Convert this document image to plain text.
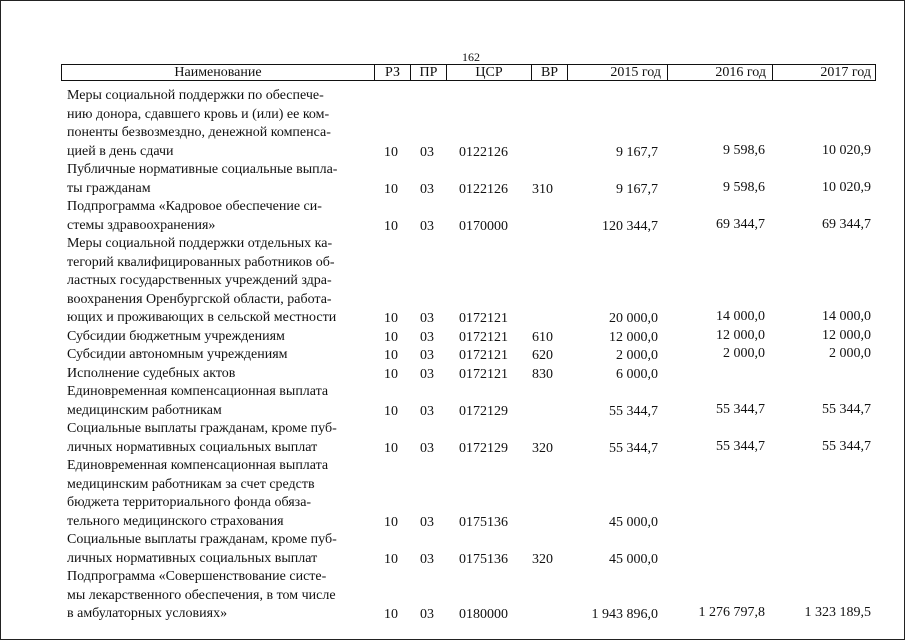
162
Наименование	РЗ	ПР	ЦСР	ВР	2015 год	2016 год	2017 год
Меры социальной поддержки по обеспече-
нию донора, сдавшего кровь и (или) ее ком-
поненты безвозмездно, денежной компенса-
цией в день сдачи	10 03 0122126	9 167,7	9 598,6	10 020,9
Публичные нормативные социальные выпла-
ты гражданам	10 03 0122126 310	9 167,7	9 598,6	10 020,9
Подпрограмма «Кадровое обеспечение си-
стемы здравоохранения»	10 03 0170000	120 344,7	69 344,7	69 344,7
Меры социальной поддержки отдельных ка-
тегорий квалифицированных работников об-
ластных государственных учреждений здра-
воохранения Оренбургской области, работа-
ющих и проживающих в сельской местности	10 03 0172121	20 000,0	14 000,0	14 000,0
Субсидии бюджетным учреждениям	10 03 0172121 610	12 000,0	12 000,0	12 000,0
Субсидии автономным учреждениям	10 03 0172121 620	2 000,0	2 000,0	2 000,0
Исполнение судебных актов	10 03 0172121 830	6 000,0
Единовременная компенсационная выплата
медицинским работникам	10 03 0172129	55 344,7	55 344,7	55 344,7
Социальные выплаты гражданам, кроме пуб-
личных нормативных социальных выплат	10 03 0172129 320	55 344,7	55 344,7	55 344,7
Единовременная компенсационная выплата
медицинским работникам за счет средств
бюджета территориального фонда обяза-
тельного медицинского страхования	10 03 0175136	45 000,0
Социальные выплаты гражданам, кроме пуб-
личных нормативных социальных выплат	10 03 0175136 320	45 000,0
Подпрограмма «Совершенствование систе-
мы лекарственного обеспечения, в том числе
в амбулаторных условиях»	10 03 0180000	1 943 896,0	1 276 797,8	1 323 189,5
